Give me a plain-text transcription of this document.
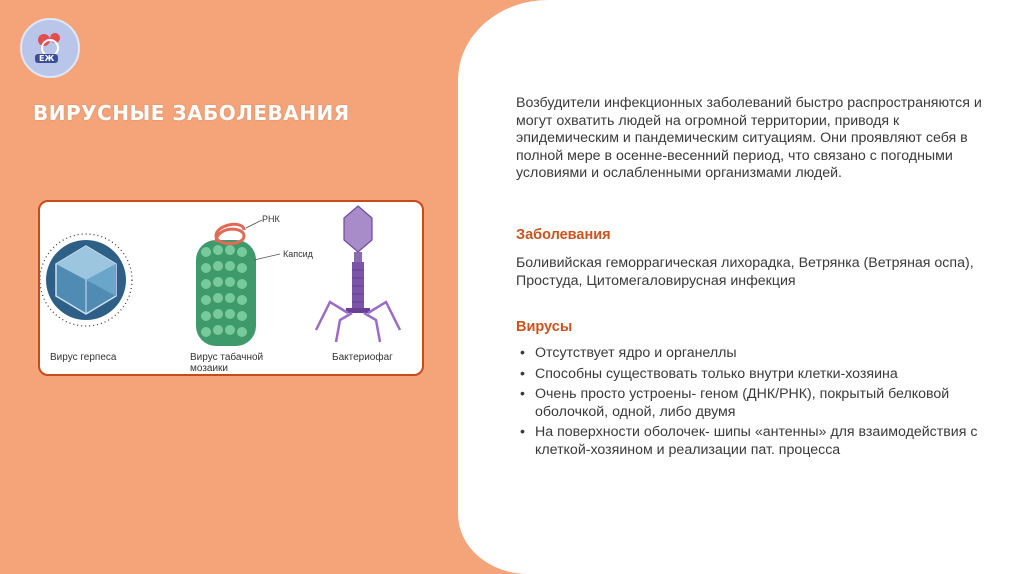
ЕЖ
ВИРУСНЫЕ ЗАБОЛЕВАНИЯ
РНК
Капсид
Вирус герпеса	Вирус табачной мозаики
Бактериофаг

Возбудители инфекционных заболеваний быстро распространяются и могут охватить людей на огромной территории, приводя к эпидемическим и пандемическим ситуациям. Они проявляют себя в полной мере в осенне-весенний период, что связано с погодными условиями и ослабленными организмами людей.

Заболевания

Боливийская геморрагическая лихорадка, Ветрянка (Ветряная оспа), Простуда, Цитомегаловирусная инфекция

Вирусы

• Отсутствует ядро и органеллы
• Способны существовать только внутри клетки-хозяина
• Очень просто устроены- геном (ДНК/РНК), покрытый белковой оболочкой, одной, либо двумя
• На поверхности оболочек- шипы «антенны» для взаимодействия с клеткой-хозяином и реализации пат. процесса
